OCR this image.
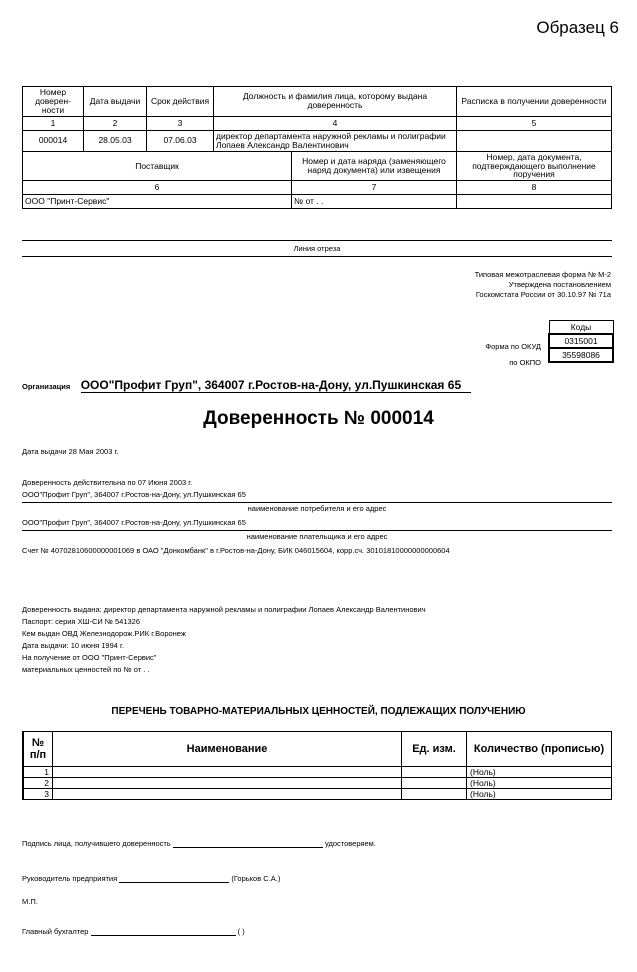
Образец 6
Номер доверен-ности	Дата выдачи	Срок действия	Должность и фамилия лица, которому выдана доверенность		Расписка в получении доверенности
1	2	3	4		5
000014	28.05.03	07.06.03	директор департамента наружной рекламы и полиграфии Лопаев Александр Валентинович		
Поставщик				Номер и дата наряда (заменяющего наряд документа) или извещения	Номер, дата документа, подтверждающего выполнение поручения
6				7	8
ООО "Принт-Сервис"				№ от . .	
Линия отреза
Типовая межотраслевая форма № М-2
Утверждена постановлением
Госкомстата России от 30.10.97 № 71а
Коды
0315001
35598086
Форма по ОКУД
по ОКПО
Организация ООО"Профит Груп", 364007 г.Ростов-на-Дону, ул.Пушкинская 65
Доверенность № 000014
Дата выдачи 28 Мая 2003 г.
Доверенность действительна по 07 Июня 2003 г.
ООО"Профит Груп", 364007 г.Ростов-на-Дону, ул.Пушкинская 65
наименование потребителя и его адрес
ООО"Профит Груп", 364007 г.Ростов-на-Дону, ул.Пушкинская 65
наименование плательщика и его адрес
Счет № 40702810600000001069 в ОАО "Донкомбанк" в г.Ростов-на-Дону, БИК 046015604, корр.сч. 30101810000000000604
Доверенность выдана: директор департамента наружной рекламы и полиграфии Лопаев Александр Валентинович
Паспорт: серия XШ-СИ № 541326
Кем выдан ОВД Железнодорож.РИК г.Воронеж
Дата выдачи: 10 июня 1994 г.
На получение от ООО "Принт-Сервис"
материальных ценностей по № от . .
ПЕРЕЧЕНЬ ТОВАРНО-МАТЕРИАЛЬНЫХ ЦЕННОСТЕЙ, ПОДЛЕЖАЩИХ ПОЛУЧЕНИЮ
№ п/п	Наименование	Ед. изм.	Количество (прописью)
1			(Ноль)
2			(Ноль)
3			(Ноль)
Подпись лица, получившего доверенность	удостоверяем.
Руководитель предприятия	(Горьков С.А.)
М.П.
Главный бухгалтер	( )
